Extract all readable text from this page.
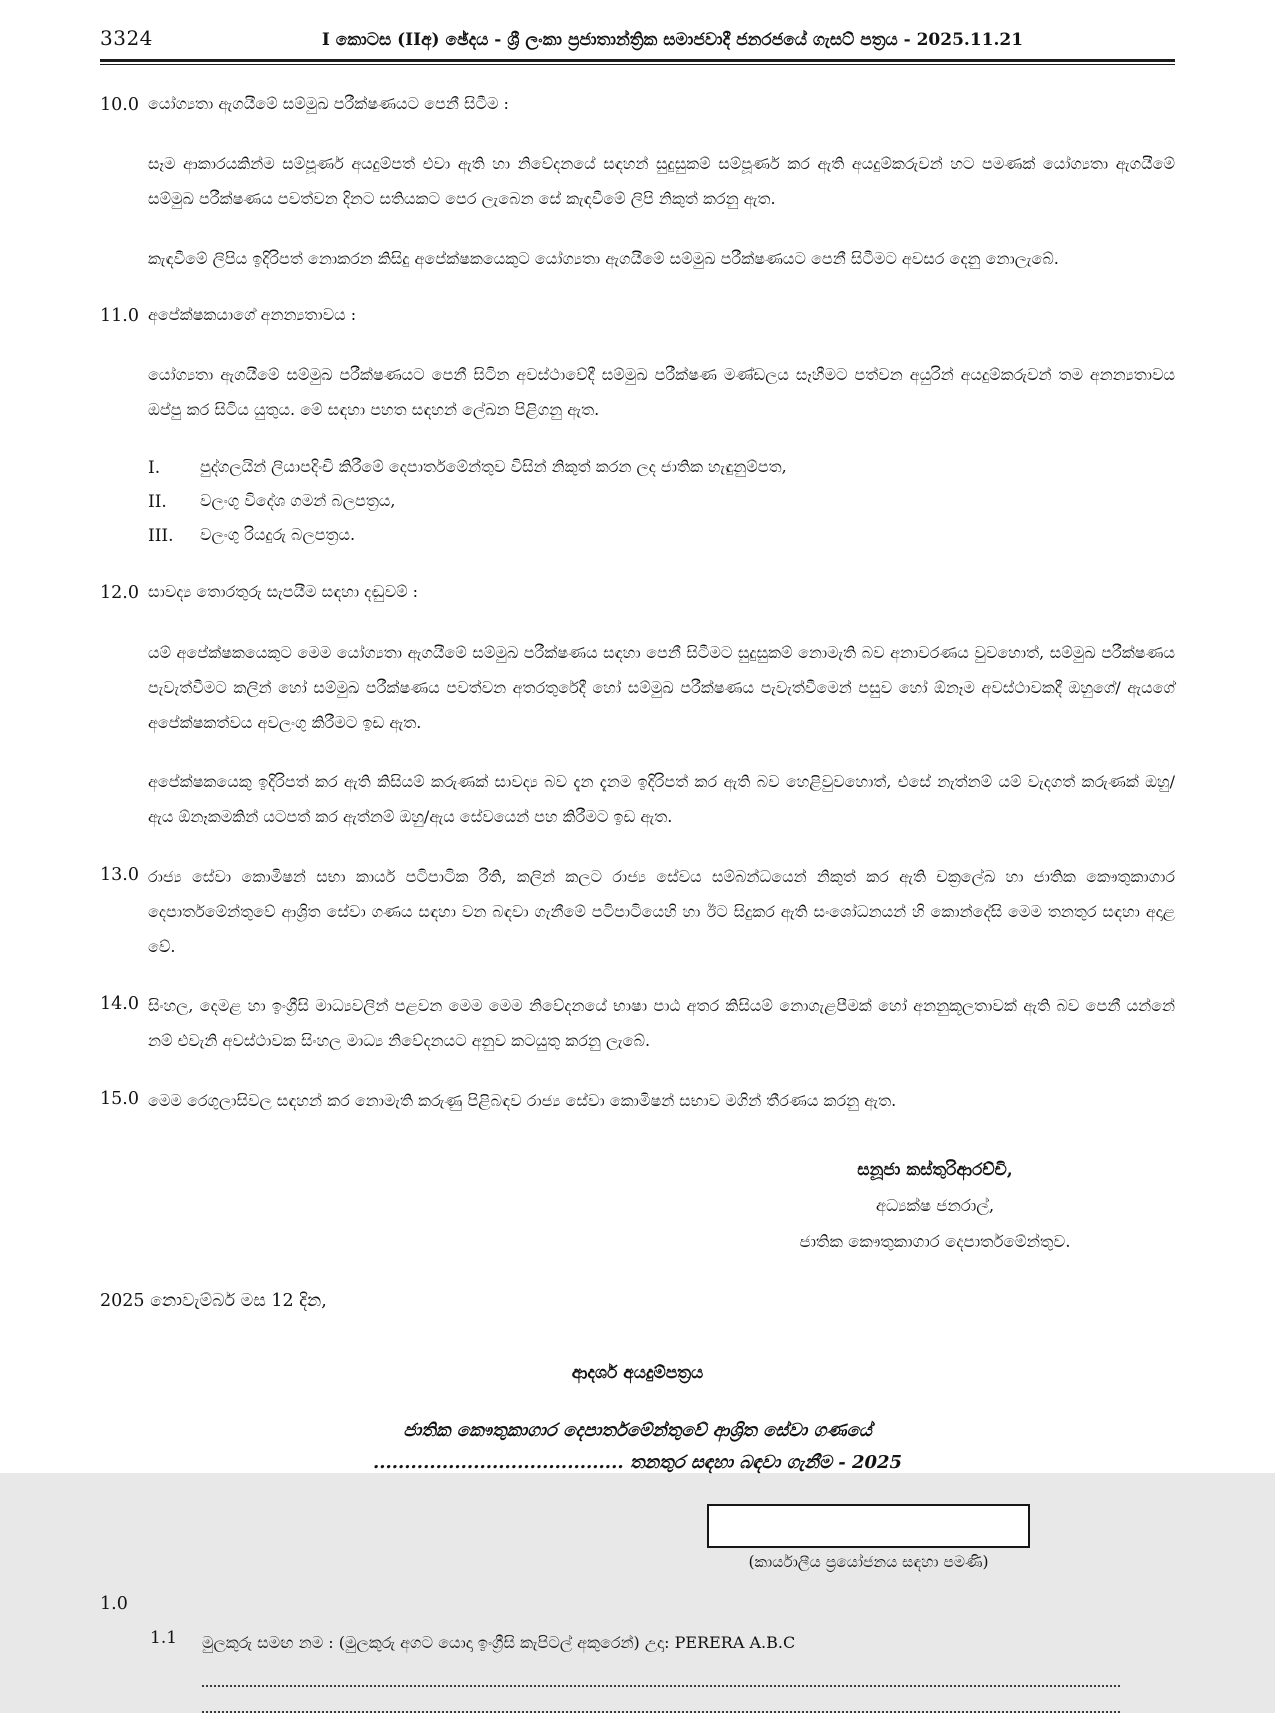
3324	I කොටස (IIඅ) ඡේදය - ශ්‍රී ලංකා ප්‍රජාතාන්ත්‍රික සමාජවාදී ජනරජයේ ගැසට් පත්‍රය - 2025.11.21
10.0 යෝග්‍යතා ඇගයීමේ සම්මුඛ පරීක්ෂණයට පෙනී සිටීම :
සෑම ආකාරයකින්ම සම්පූර්ණ අයදුම්පත් එවා ඇති හා නිවේදනයේ සඳහන් සුදුසුකම් සම්පූර්ණ කර ඇති අයදුම්කරුවන් හට පමණක් යෝග්‍යතා ඇගයීමේ සම්මුඛ පරීක්ෂණය පවත්වන දිනට සතියකට පෙර ලැබෙන සේ කැඳවීමේ ලිපි නිකුත් කරනු ඇත.
කැඳවීමේ ලිපිය ඉදිරිපත් නොකරන කිසිදු අපේක්ෂකයෙකුට යෝග්‍යතා ඇගයීමේ සම්මුඛ පරීක්ෂණයට පෙනී සිටීමට අවසර දෙනු නොලැබේ.
11.0 අපේක්ෂකයාගේ අනන්‍යතාවය :
යෝග්‍යතා ඇගයීමේ සම්මුඛ පරීක්ෂණයට පෙනී සිටින අවස්ථාවේදී සම්මුඛ පරීක්ෂණ මණ්ඩලය සෑහීමට පත්වන අයුරින් අයදුම්කරුවන් තම අනන්‍යතාවය ඔප්පු කර සිටිය යුතුය. මේ සඳහා පහත සඳහන් ලේඛන පිළිගනු ඇත.
I.	පුද්ගලයින් ලියාපදිංචි කිරීමේ දෙපාර්තමේන්තුව විසින් නිකුත් කරන ලද ජාතික හැඳුනුම්පත,
II.	වලංගු විදේශ ගමන් බලපත්‍රය,
III.	වලංගු රියදුරු බලපත්‍රය.
12.0 සාවද්‍ය තොරතුරු සැපයීම සඳහා දඬුවම් :
යම් අපේක්ෂකයෙකුට මෙම යෝග්‍යතා ඇගයීමේ සම්මුඛ පරීක්ෂණය සඳහා පෙනී සිටීමට සුදුසුකම් නොමැති බව අනාවරණය වුවහොත්, සම්මුඛ පරීක්ෂණය පැවැත්වීමට කලින් හෝ සම්මුඛ පරීක්ෂණය පවත්වන අතරතුරේදී හෝ සම්මුඛ පරීක්ෂණය පැවැත්වීමෙන් පසුව හෝ ඕනෑම අවස්ථාවකදී ඔහුගේ/ ඇයගේ අපේක්ෂකත්වය අවලංගු කිරීමට ඉඩ ඇත.
අපේක්ෂකයෙකු ඉදිරිපත් කර ඇති කිසියම් කරුණක් සාවද්‍ය බව දැන දැනම ඉදිරිපත් කර ඇති බව හෙළිවුවහොත්, එසේ නැත්නම් යම් වැදගත් කරුණක් ඔහු/ඇය ඕනෑකමකින් යටපත් කර ඇත්නම් ඔහු/ඇය සේවයෙන් පහ කිරීමට ඉඩ ඇත.
13.0 රාජ්‍ය සේවා කොමිෂන් සභා කාර්ය පටිපාටික රීති, කලින් කලට රාජ්‍ය සේවය සම්බන්ධයෙන් නිකුත් කර ඇති චක්‍රලේඛ හා ජාතික කෞතුකාගාර දෙපාර්තමේන්තුවේ ආශ්‍රිත සේවා ගණය සඳහා වන බඳවා ගැනීමේ පටිපාටියෙහි හා ඊට සිදුකර ඇති සංශෝධනයන් හි කොන්දේසි මෙම තනතුර සඳහා අදාළ වේ.
14.0 සිංහල, දෙමළ හා ඉංග්‍රීසි මාධ්‍යවලින් පළවන මෙම මෙම නිවේදනයේ භාෂා පාඨ අතර කිසියම් නොගැළපීමක් හෝ අනනුකූලතාවක් ඇති බව පෙනී යන්නේ නම් එවැනි අවස්ථාවක සිංහල මාධ්‍ය නිවේදනයට අනුව කටයුතු කරනු ලැබේ.
15.0 මෙම රෙගුලාසිවල සඳහන් කර නොමැති කරුණු පිළිබඳව රාජ්‍ය සේවා කොමිෂන් සභාව මගින් තීරණය කරනු ඇත.
සනූජා කස්තුරිආරච්චි,
අධ්‍යක්ෂ ජනරාල්,
ජාතික කෞතුකාගාර දෙපාර්තමේන්තුව.
2025 නොවැම්බර් මස 12 දින,
ආදර්ශ අයදුම්පත්‍රය
ජාතික කෞතුකාගාර දෙපාර්තමේන්තුවේ ආශ්‍රිත සේවා ගණයේ
........................................ තනතුර සඳහා බඳවා ගැනීම - 2025
(කාර්යාලීය ප්‍රයෝජනය සඳහා පමණි)
1.0
1.1	මුලකුරු සමඟ නම : (මුලකුරු අගට යොදා ඉංග්‍රීසි කැපිටල් අකුරෙන්) උදා: PERERA A.B.C
